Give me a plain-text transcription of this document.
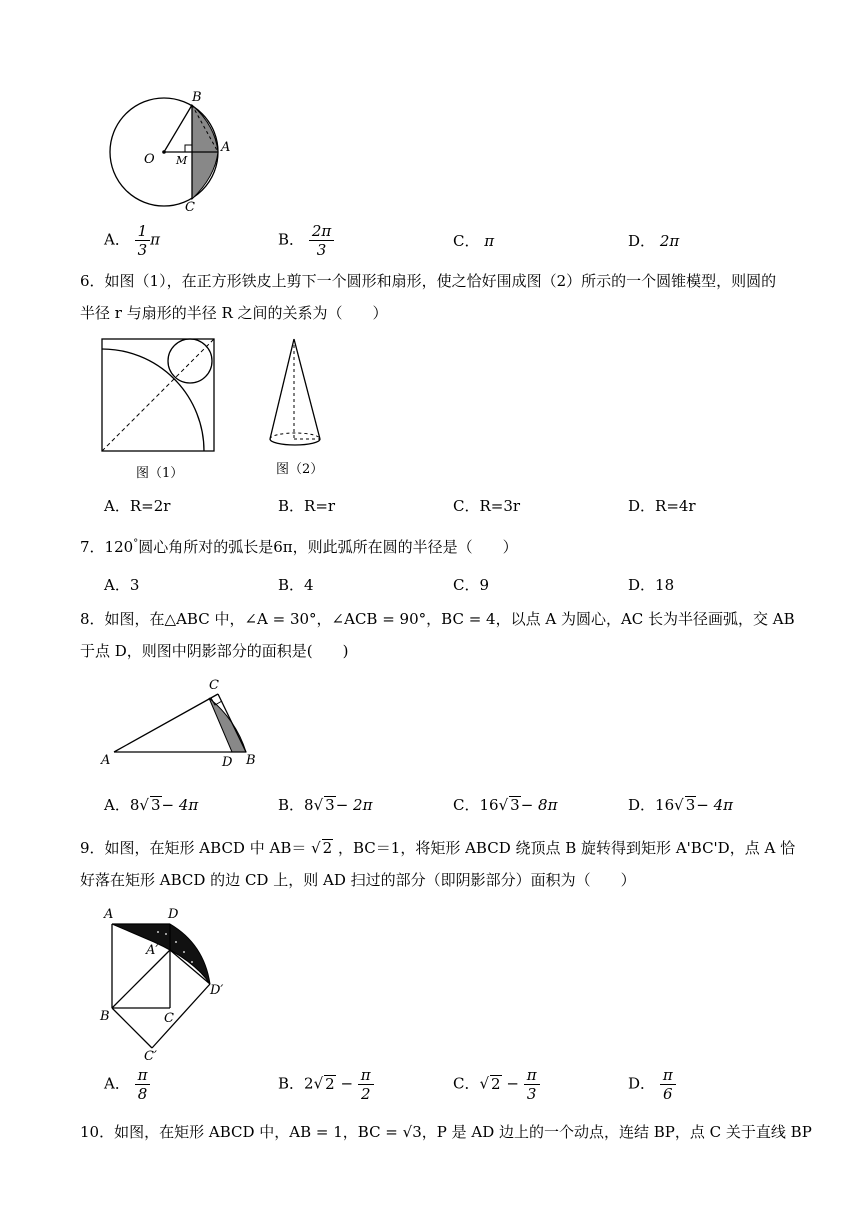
B
O M
A
C
A． $\frac{1}{3}$ π	B． $\frac{2\pi}{3}$	C． π	D． 2π
6．如图（1），在正方形铁皮上剪下一个圆形和扇形，使之恰好围成图（2）所示的一个圆锥模型，则圆的
半径 r 与扇形的半径 R 之间的关系为（　　）
图（1）	图（2）
A．R=2r	B．R=r	C．R=3r	D．R=4r
7．120°圆心角所对的弧长是6π，则此弧所在圆的半径是（　　）
A．3	B．4	C．9	D．18
8．如图，在△ABC 中，∠A = 30°，∠ACB = 90°，BC = 4，以点 A 为圆心，AC 长为半径画弧，交 AB
于点 D，则图中阴影部分的面积是(　　)
A
C
D B
A．8√ 3− 4π	B．8√ 3− 2π	C．16√ 3− 8π	D．16√ 3− 4π
9．如图，在矩形 ABCD 中 AB＝ √ 2 ，BC＝1，将矩形 ABCD 绕顶点 B 旋转得到矩形 A'BC'D，点 A 恰
好落在矩形 ABCD 的边 CD 上，则 AD 扫过的部分（即阴影部分）面积为（　　）
A	D
A′
B	C
D′
C′
A． $\frac{\pi}{8}$	B．2√ $2 - \frac{\pi}{2}$	C．√ $2 - \frac{\pi}{3}$	D． $\frac{\pi}{6}$
10．如图，在矩形 ABCD 中，AB = 1，BC = √3，P 是 AD 边上的一个动点，连结 BP，点 C 关于直线 BP
